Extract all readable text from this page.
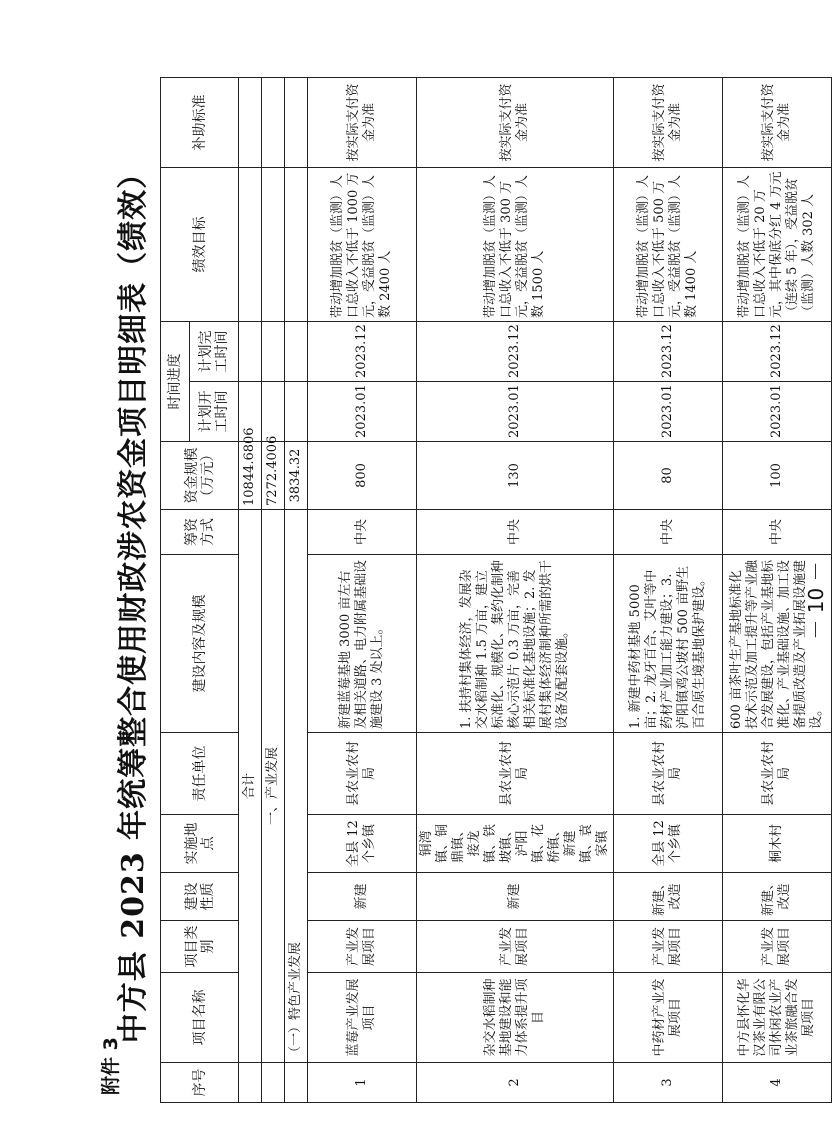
附件 3
中方县 2023 年统筹整合使用财政涉农资金项目明细表（绩效）
序号	项目名称	项目类别	建设性质	实施地点	责任单位	建设内容及规模	筹资方式	资金规模（万元）	时间进度		绩效目标	补助标准
									计划开工时间	计划完工时间		
	合计							10844.6806				
	一、产业发展							7272.4006				
	（一）特色产业发展							3834.32				
1	蓝莓产业发展项目	产业发展项目	新建	全县 12 个乡镇	县农业农村局	新建蓝莓基地 3000 亩左右及相关道路、电力附属基础设施建设 3 处以上。	中央	800	2023.01	2023.12	带动增加脱贫（监测）人口总收入不低于 1000 万元，受益脱贫（监测）人数 2400 人	按实际支付资金为准
2	杂交水稻制种基地建设和能力体系提升项目	产业发展项目	新建	铜湾镇、铜鼎镇、接龙镇、铁坡镇、泸阳镇、花桥镇、新建镇、袁家镇	县农业农村局	1. 扶持村集体经济，发展杂交水稻制种 1.5 万亩，建立标准化、规模化、集约化制种核心示范片 0.3 万亩，完善相关标准化基地设施；2. 发展村集体经济制种所需的烘干设备及配套设施。	中央	130	2023.01	2023.12	带动增加脱贫（监测）人口总收入不低于 300 万元，受益脱贫（监测）人数 1500 人	按实际支付资金为准
3	中药材产业发展项目	产业发展项目	新建、改造	全县 12 个乡镇	县农业农村局	1. 新建中药材基地 5000 亩；2. 龙牙百合、艾叶等中药材产业加工能力建设；3. 泸阳镇鸡公坡村 500 亩野生百合原生境基地保护建设。	中央	80	2023.01	2023.12	带动增加脱贫（监测）人口总收入不低于 500 万元，受益脱贫（监测）人数 1400 人	按实际支付资金为准
4	中方县怀化华汉茶业有限公司休闲农业产业茶旅融合发展项目	产业发展项目	新建、改造	桐木村	县农业农村局	600 亩茶叶生产基地标准化技术示范及加工提升等产业融合发展建设，包括产业基地标准化、产业基础设施、加工设备提质改造及产业拓展设施建设。	中央	100	2023.01	2023.12	带动增加脱贫（监测）人口总收入不低于 20 万元，其中保底分红 4 万元（连续 5 年），受益脱贫（监测）人数 302 人	按实际支付资金为准
－ 10 －
